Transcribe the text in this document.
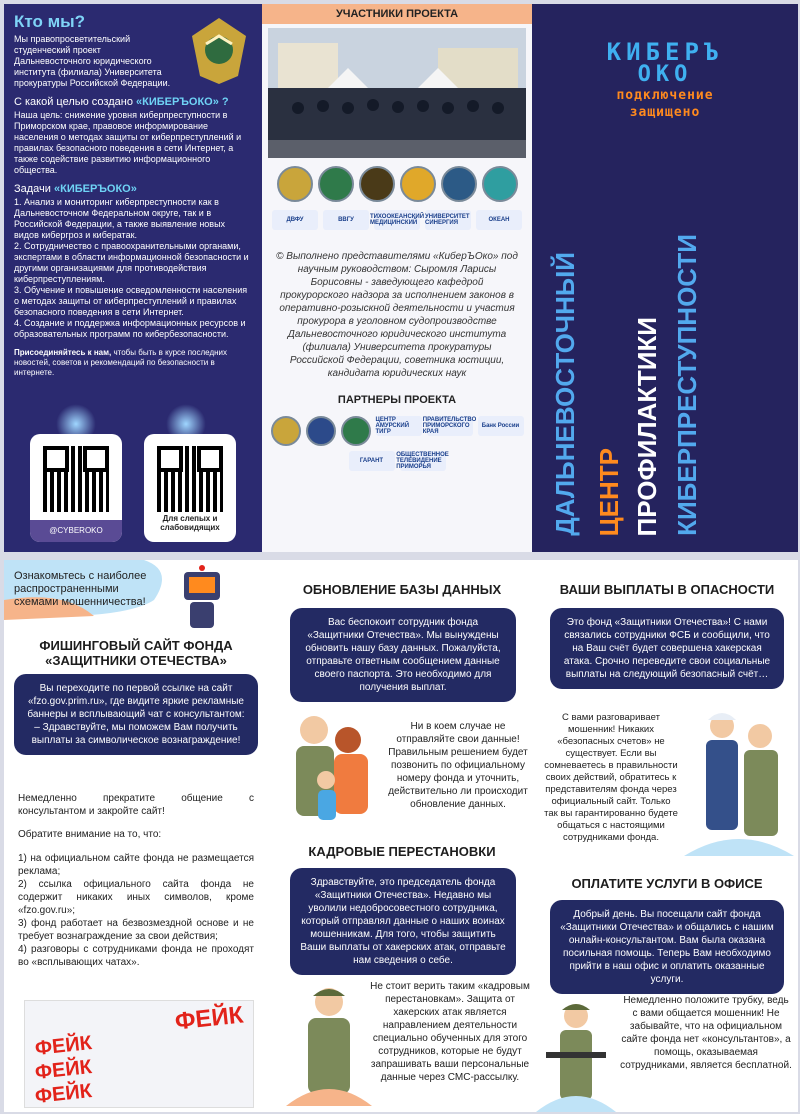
Кто мы?
Мы правопросветительский студенческий проект Дальневосточного юридического института (филиала) Университета прокуратуры Российской Федерации.
С какой целью создано «КИБЕРЪОКО» ?
Наша цель: снижение уровня киберпреступности в Приморском крае, правовое информирование населения о методах защиты от киберпреступлений и правилах безопасного поведения в сети Интернет, а также содействие развитию информационного общества.
Задачи «КИБЕРЪОКО»
1. Анализ и мониторинг киберпреступности как в Дальневосточном Федеральном округе, так и в Российской Федерации, а также выявление новых видов кибергроз и кибератак.
2. Сотрудничество с правоохранительными органами, экспертами в области информационной безопасности и другими организациями для противодействия киберпреступлениям.
3. Обучение и повышение осведомленности населения о методах защиты от киберпреступлений и правилах безопасного поведения в сети Интернет.
4. Создание и поддержка информационных ресурсов и образовательных программ по кибербезопасности.
Присоединяйтесь к нам, чтобы быть в курсе последних новостей, советов и рекомендаций по безопасности в интернете.
@CYBEROKO
Для слепых и слабовидящих
УЧАСТНИКИ ПРОЕКТА
ДВФУ	ВВГУ	ТИХООКЕАНСКИЙ МЕДИЦИНСКИЙ
УНИВЕРСИТЕТ СИНЕРГИЯ	ОКЕАН
© Выполнено представителями «КиберЪОко» под научным руководством: Сыромля Ларисы Борисовны - заведующего кафедрой прокурорского надзора за исполнением законов в оперативно-розыскной деятельности и участия прокурора в уголовном судопроизводстве Дальневосточного юридического института (филиала) Университета прокуратуры Российской Федерации, советника юстиции, кандидата юридических наук
ПАРТНЕРЫ ПРОЕКТА
ЦЕНТР АМУРСКИЙ ТИГР
ПРАВИТЕЛЬСТВО ПРИМОРСКОГО КРАЯ
Банк России
ГАРАНТ
ОБЩЕСТВЕННОЕ ТЕЛЕВИДЕНИЕ ПРИМОРЬЯ
КИБЕРЪ
ОКО
подключение
защищено
ДАЛЬНЕВОСТОЧНЫЙ ЦЕНТР ПРОФИЛАКТИКИ КИБЕРПРЕСТУПНОСТИ
Ознакомьтесь с наиболее распространенными схемами мошенничества!
ФИШИНГОВЫЙ САЙТ ФОНДА «ЗАЩИТНИКИ ОТЕЧЕСТВА»
Вы переходите по первой ссылке на сайт «fzo.gov.prim.ru», где видите яркие рекламные баннеры и всплывающий чат с консультантом: – Здравствуйте, мы поможем Вам получить выплаты за символическое вознаграждение!
Немедленно прекратите общение с консультантом и закройте сайт!
Обратите внимание на то, что:
1) на официальном сайте фонда не размещается реклама;
2) ссылка официального сайта фонда не содержит никаких иных символов, кроме «fzo.gov.ru»;
3) фонд работает на безвозмездной основе и не требует вознаграждение за свои действия;
4) разговоры с сотрудниками фонда не проходят во «всплывающих чатах».
ФЕЙК
ФЕЙК
ФЕЙК
ФЕЙК
ОБНОВЛЕНИЕ БАЗЫ ДАННЫХ
Вас беспокоит сотрудник фонда «Защитники Отечества». Мы вынуждены обновить нашу базу данных. Пожалуйста, отправьте ответным сообщением данные своего паспорта. Это необходимо для получения выплат.
Ни в коем случае не отправляйте свои данные! Правильным решением будет позвонить по официальному номеру фонда и уточнить, действительно ли происходит обновление данных.
КАДРОВЫЕ ПЕРЕСТАНОВКИ
Здравствуйте, это председатель фонда «Защитники Отечества». Недавно мы уволили недобросовестного сотрудника, который отправлял данные о наших воинах мошенникам. Для того, чтобы защитить Ваши выплаты от хакерских атак, отправьте нам сведения о себе.
Не стоит верить таким «кадровым перестановкам». Защита от хакерских атак является направлением деятельности специально обученных для этого сотрудников, которые не будут запрашивать ваши персональные данные через СМС-рассылку.
ВАШИ ВЫПЛАТЫ В ОПАСНОСТИ
Это фонд «Защитники Отечества»! С нами связались сотрудники ФСБ и сообщили, что на Ваш счёт будет совершена хакерская атака. Срочно переведите свои социальные выплаты на следующий безопасный счёт…
С вами разговаривает мошенник! Никаких «безопасных счетов» не существует. Если вы сомневаетесь в правильности своих действий, обратитесь к представителям фонда через официальный сайт. Только так вы гарантированно будете общаться с настоящими сотрудниками фонда.
ОПЛАТИТЕ УСЛУГИ В ОФИСЕ
Добрый день. Вы посещали сайт фонда «Защитники Отечества» и общались с нашим онлайн-консультантом. Вам была оказана посильная помощь. Теперь Вам необходимо прийти в наш офис и оплатить оказанные услуги.
Немедленно положите трубку, ведь с вами общается мошенник! Не забывайте, что на официальном сайте фонда нет «консультантов», а помощь, оказываемая сотрудниками, является бесплатной.
